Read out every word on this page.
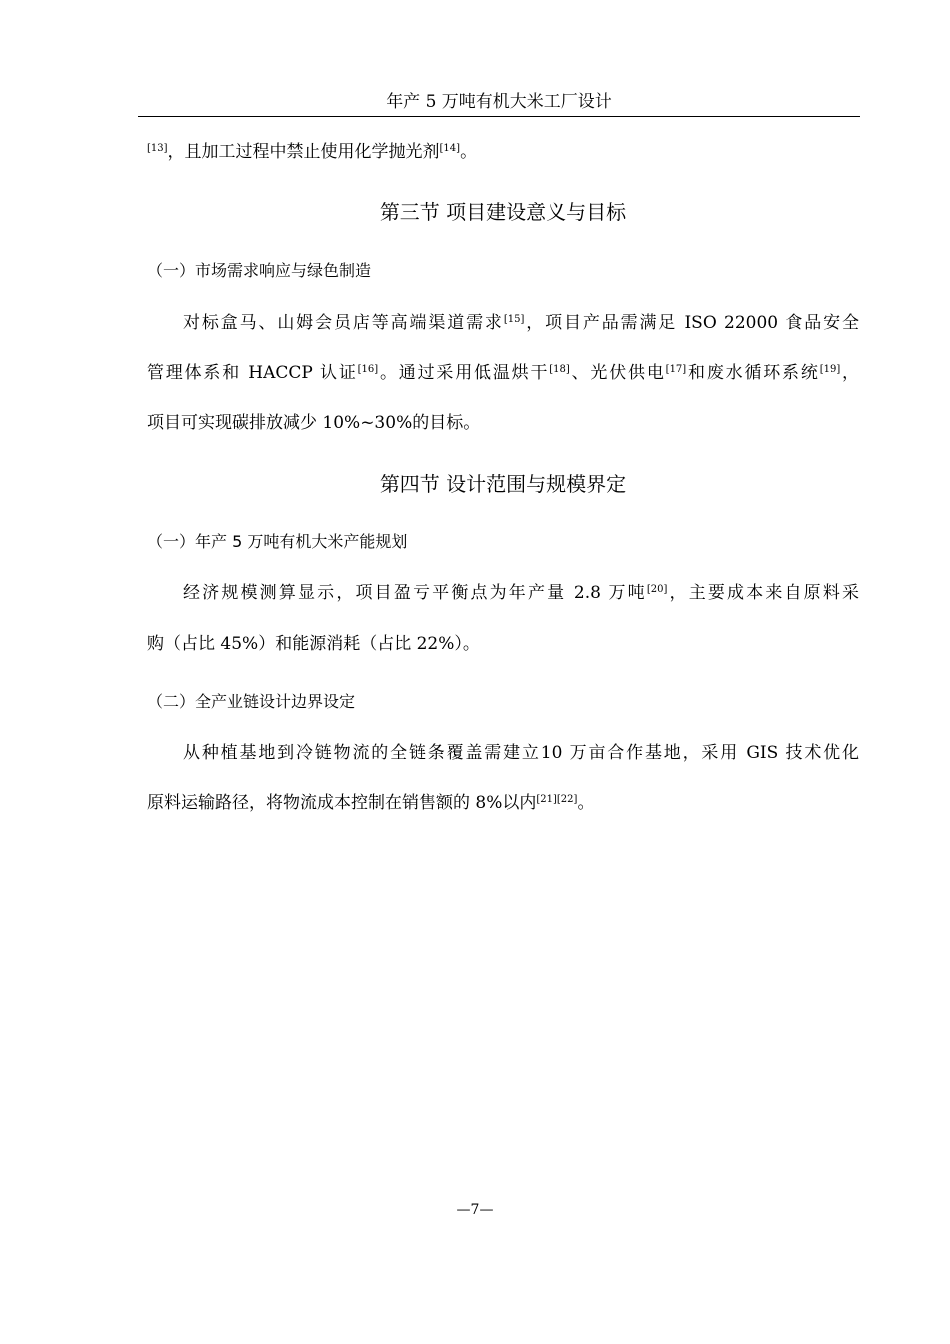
年产 5 万吨有机大米工厂设计
[13]，且加工过程中禁止使用化学抛光剂[14]。
第三节 项目建设意义与目标
（一）市场需求响应与绿色制造
对标盒马、山姆会员店等高端渠道需求[15]，项目产品需满足 ISO 22000 食品安全
管理体系和 HACCP 认证[16]。通过采用低温烘干[18]、光伏供电[17]和废水循环系统[19]，
项目可实现碳排放减少 10%~30%的目标。
第四节 设计范围与规模界定
（一）年产 5 万吨有机大米产能规划
经济规模测算显示，项目盈亏平衡点为年产量 2.8 万吨[20]，主要成本来自原料采
购（占比 45%）和能源消耗（占比 22%）。
（二）全产业链设计边界设定
从种植基地到冷链物流的全链条覆盖需建立10 万亩合作基地，采用 GIS 技术优化
原料运输路径，将物流成本控制在销售额的 8%以内[21][22]。
—7—
